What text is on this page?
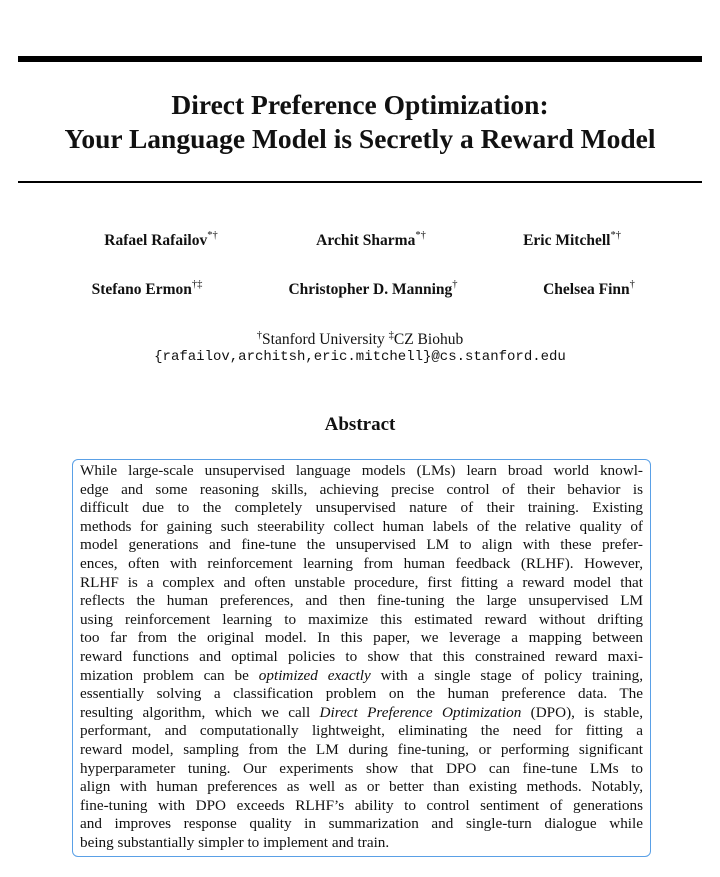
Direct Preference Optimization:
Your Language Model is Secretly a Reward Model
Rafael Rafailov*†	Archit Sharma*†	Eric Mitchell*†
Stefano Ermon†‡	Christopher D. Manning†	Chelsea Finn†
†Stanford University ‡CZ Biohub
{rafailov,architsh,eric.mitchell}@cs.stanford.edu
Abstract
While large-scale unsupervised language models (LMs) learn broad world knowl-
edge and some reasoning skills, achieving precise control of their behavior is
difficult due to the completely unsupervised nature of their training. Existing
methods for gaining such steerability collect human labels of the relative quality of
model generations and fine-tune the unsupervised LM to align with these prefer-
ences, often with reinforcement learning from human feedback (RLHF). However,
RLHF is a complex and often unstable procedure, first fitting a reward model that
reflects the human preferences, and then fine-tuning the large unsupervised LM
using reinforcement learning to maximize this estimated reward without drifting
too far from the original model. In this paper, we leverage a mapping between
reward functions and optimal policies to show that this constrained reward maxi-
mization problem can be optimized exactly with a single stage of policy training,
essentially solving a classification problem on the human preference data. The
resulting algorithm, which we call Direct Preference Optimization (DPO), is stable,
performant, and computationally lightweight, eliminating the need for fitting a
reward model, sampling from the LM during fine-tuning, or performing significant
hyperparameter tuning. Our experiments show that DPO can fine-tune LMs to
align with human preferences as well as or better than existing methods. Notably,
fine-tuning with DPO exceeds RLHF’s ability to control sentiment of generations
and improves response quality in summarization and single-turn dialogue while
being substantially simpler to implement and train.
